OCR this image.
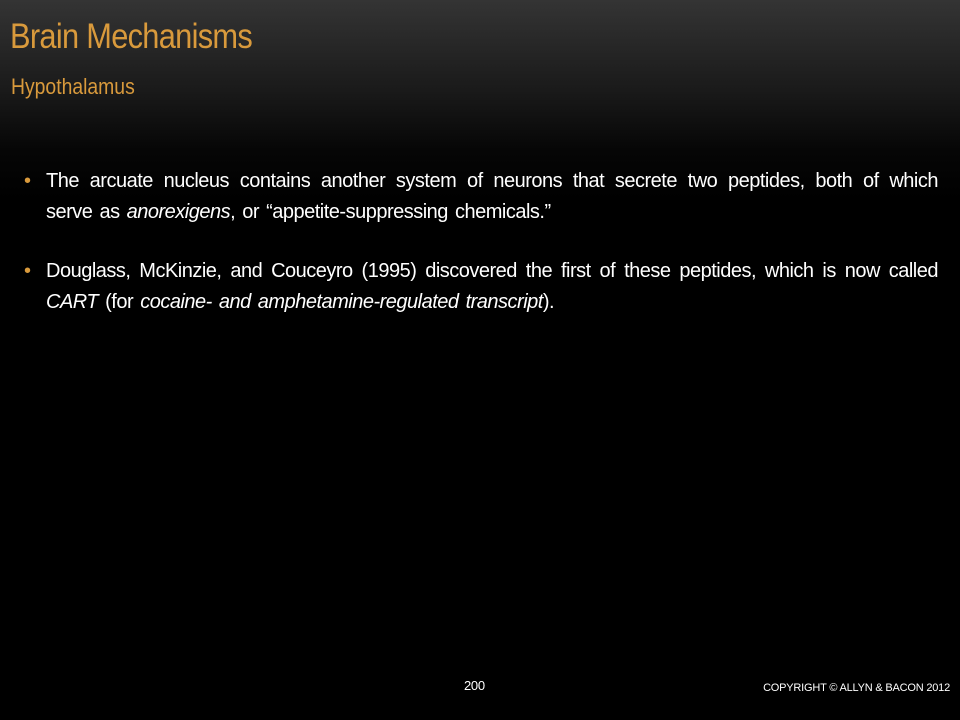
Brain Mechanisms
Hypothalamus
• The arcuate nucleus contains another system of neurons that secrete two peptides, both of which serve as anorexigens, or “appetite-suppressing chemicals.”
• Douglass, McKinzie, and Couceyro (1995) discovered the first of these peptides, which is now called CART (for cocaine- and amphetamine-regulated transcript).
200	COPYRIGHT © ALLYN & BACON 2012
